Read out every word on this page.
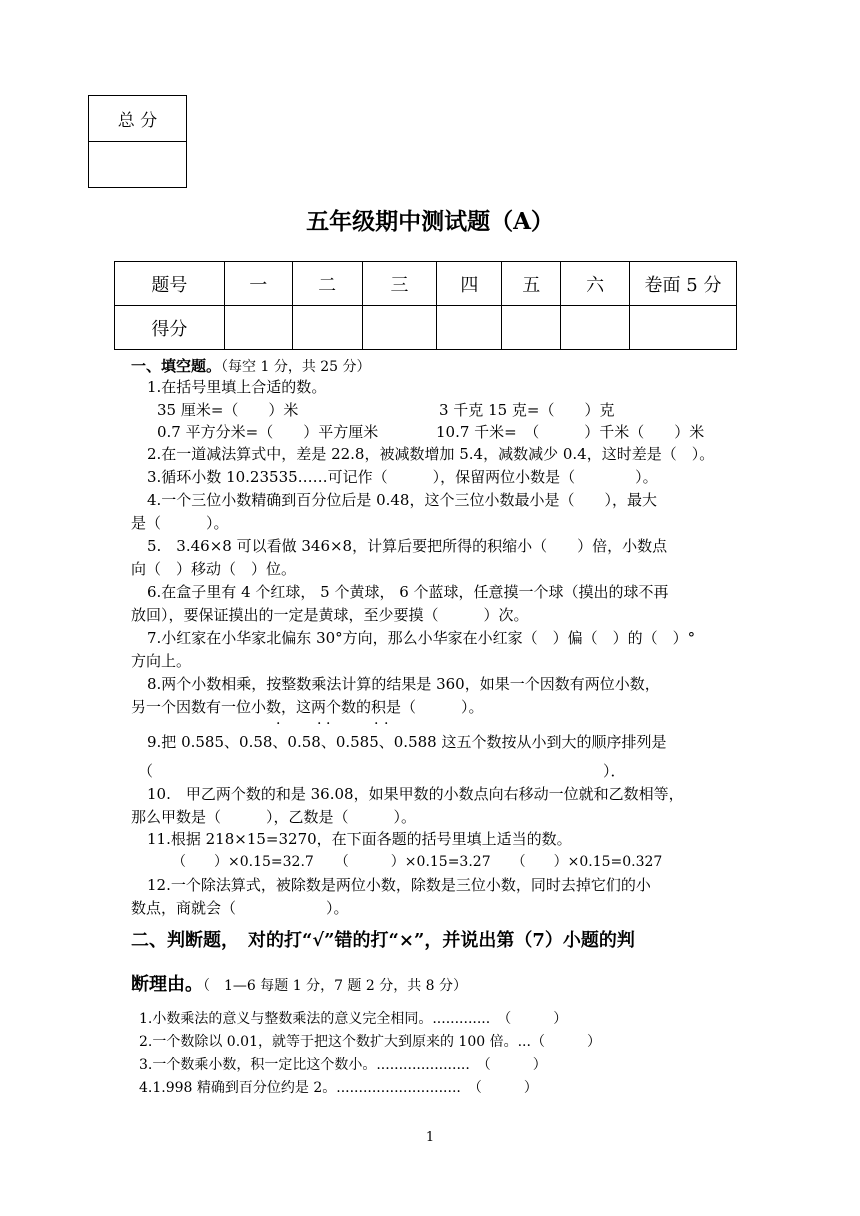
总 分

五年级期中测试题（A）
题号	一	二	三	四	五	六	卷面 5 分
得分							
一、填空题。（每空 1 分，共 25 分）
1.在括号里填上合适的数。
35 厘米=（　　）米	3 千克 15 克=（　　）克
0.7 平方分米=（　　）平方厘米	10.7 千米=　（　　　）千米（　　）米
2.在一道减法算式中，差是 22.8，被减数增加 5.4，减数减少 0.4，这时差是（　）。
3.循环小数 10.23535……可记作（　　　），保留两位小数是（　　　　）。
4.一个三位小数精确到百分位后是 0.48，这个三位小数最小是（　　），最大
是（　　　）。
5.　3.46×8 可以看做 346×8，计算后要把所得的积缩小（　　）倍，小数点
向（　）移动（　）位。
6.在盒子里有 4 个红球， 5 个黄球， 6 个蓝球，任意摸一个球（摸出的球不再
放回），要保证摸出的一定是黄球，至少要摸（　　　）次。
7.小红家在小华家北偏东 30°方向，那么小华家在小红家（　）偏（　）的（　）°
方向上。
8.两个小数相乘，按整数乘法计算的结果是 360，如果一个因数有两位小数，
另一个因数有一位小数，这两个数的积是（　　　）。
.	. .	. .
9.把 0.585、0.58、0.58、0.585、0.588 这五个数按从小到大的顺序排列是
（　　　　　　　　　　　　　　　　　　　　　　　　　　　　　　）．
10.　甲乙两个数的和是 36.08，如果甲数的小数点向右移动一位就和乙数相等，
那么甲数是（　　　），乙数是（　　　）。
11.根据 218×15=3270，在下面各题的括号里填上适当的数。
（　　）×0.15=32.7　　（　　　）×0.15=3.27　　（　　）×0.15=0.327
12.一个除法算式，被除数是两位小数，除数是三位小数，同时去掉它们的小
数点，商就会（　　　　　　）。
二、判断题，　对的打“√”错的打“×”，并说出第（7）小题的判
断理由。（　1—6 每题 1 分，7 题 2 分，共 8 分）
1.小数乘法的意义与整数乘法的意义完全相同。.............　（　　　）
2.一个数除以 0.01，就等于把这个数扩大到原来的 100 倍。...（　　　）
3.一个数乘小数，积一定比这个数小。.....................　（　　　）
4.1.998 精确到百分位约是 2。............................　（　　　）
1
